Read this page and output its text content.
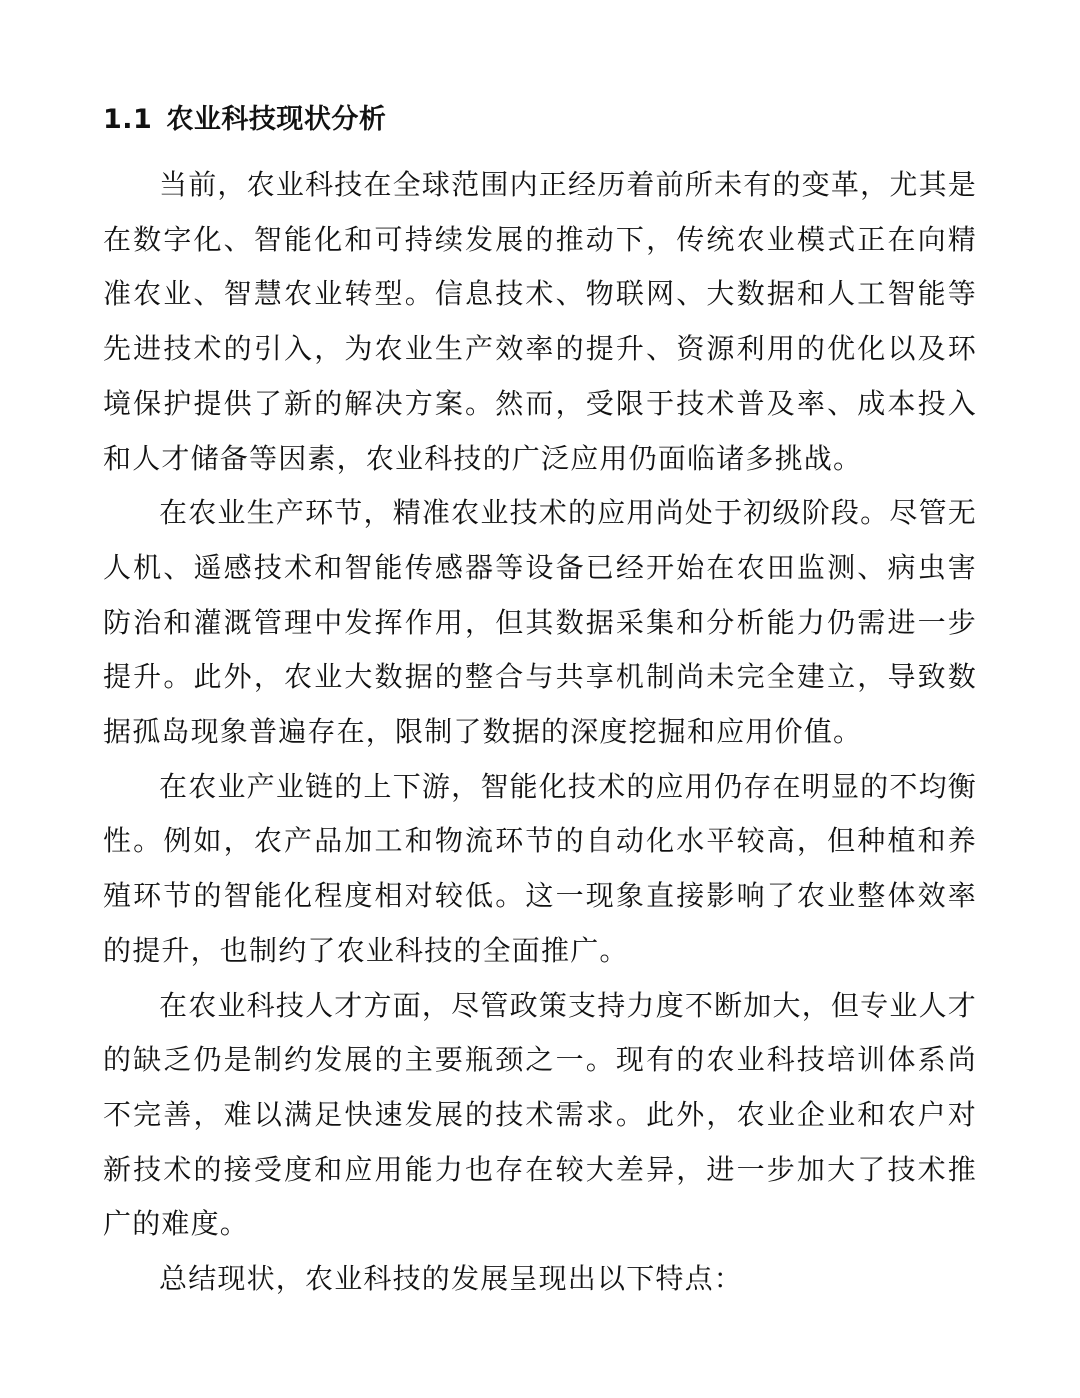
1.1 农业科技现状分析

当前，农业科技在全球范围内正经历着前所未有的变革，尤其是在数字化、智能化和可持续发展的推动下，传统农业模式正在向精准农业、智慧农业转型。信息技术、物联网、大数据和人工智能等先进技术的引入，为农业生产效率的提升、资源利用的优化以及环境保护提供了新的解决方案。然而，受限于技术普及率、成本投入和人才储备等因素，农业科技的广泛应用仍面临诸多挑战。

在农业生产环节，精准农业技术的应用尚处于初级阶段。尽管无人机、遥感技术和智能传感器等设备已经开始在农田监测、病虫害防治和灌溉管理中发挥作用，但其数据采集和分析能力仍需进一步提升。此外，农业大数据的整合与共享机制尚未完全建立，导致数据孤岛现象普遍存在，限制了数据的深度挖掘和应用价值。

在农业产业链的上下游，智能化技术的应用仍存在明显的不均衡性。例如，农产品加工和物流环节的自动化水平较高，但种植和养殖环节的智能化程度相对较低。这一现象直接影响了农业整体效率的提升，也制约了农业科技的全面推广。

在农业科技人才方面，尽管政策支持力度不断加大，但专业人才的缺乏仍是制约发展的主要瓶颈之一。现有的农业科技培训体系尚不完善，难以满足快速发展的技术需求。此外，农业企业和农户对新技术的接受度和应用能力也存在较大差异，进一步加大了技术推广的难度。

总结现状，农业科技的发展呈现出以下特点：
